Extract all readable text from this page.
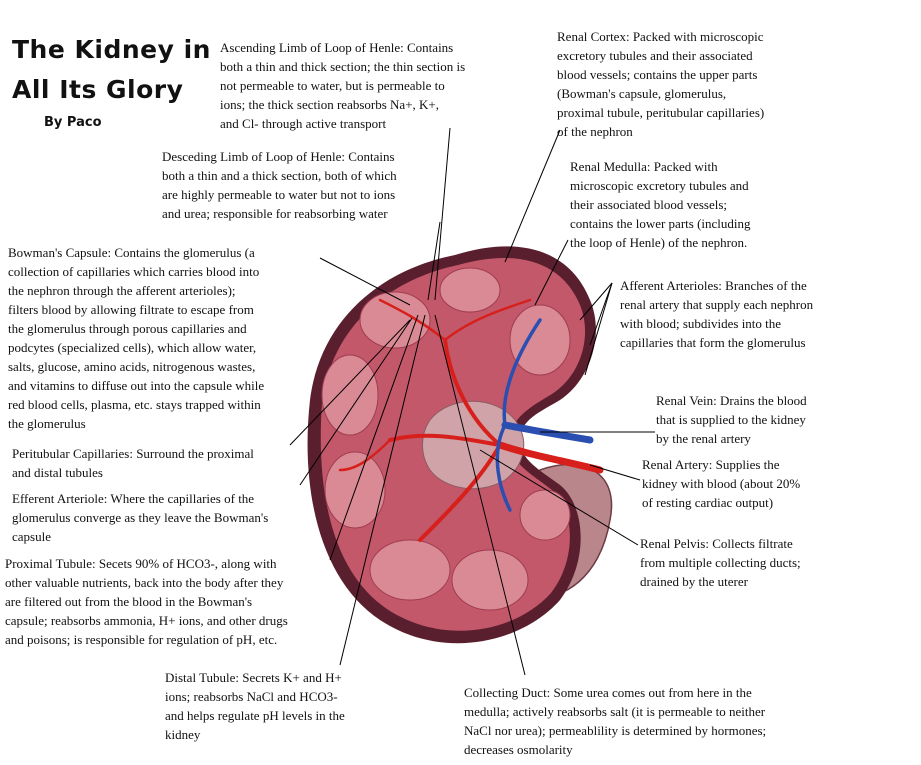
The Kidney in
All Its Glory
By Paco
Ascending Limb of Loop of Henle: Contains
both a thin and thick section; the thin section is
not permeable to water, but is permeable to
ions; the thick section reabsorbs Na+, K+,
and Cl- through active transport
Desceding Limb of Loop of Henle: Contains
both a thin and a thick section, both of which
are highly permeable to water but not to ions
and urea; responsible for reabsorbing water
Bowman's Capsule: Contains the glomerulus (a
collection of capillaries which carries blood into
the nephron through the afferent arterioles);
filters blood by allowing filtrate to escape from
the glomerulus through porous capillaries and
podcytes (specialized cells), which allow water,
salts, glucose, amino acids, nitrogenous wastes,
and vitamins to diffuse out into the capsule while
red blood cells, plasma, etc. stays trapped within
the glomerulus
Peritubular Capillaries: Surround the proximal
and distal tubules
Efferent Arteriole: Where the capillaries of the
glomerulus converge as they leave the Bowman's
capsule
Proximal Tubule: Secets 90% of HCO3-, along with
other valuable nutrients, back into the body after they
are filtered out from the blood in the Bowman's
capsule; reabsorbs ammonia, H+ ions, and other drugs
and poisons; is responsible for regulation of pH, etc.
Distal Tubule: Secrets K+ and H+
ions; reabsorbs NaCl and HCO3-
and helps regulate pH levels in the
kidney
Collecting Duct: Some urea comes out from here in the
medulla; actively reabsorbs salt (it is permeable to neither
NaCl nor urea); permeablility is determined by hormones;
decreases osmolarity
Renal Cortex: Packed with microscopic
excretory tubules and their associated
blood vessels; contains the upper parts
(Bowman's capsule, glomerulus,
proximal tubule, peritubular capillaries)
of the nephron
Renal Medulla: Packed with
microscopic excretory tubules and
their associated blood vessels;
contains the lower parts (including
the loop of Henle) of the nephron.
Afferent Arterioles: Branches of the
renal artery that supply each nephron
with blood; subdivides into the
capillaries that form the glomerulus
Renal Vein: Drains the blood
that is supplied to the kidney
by the renal artery
Renal Artery: Supplies the
kidney with blood (about 20%
of resting cardiac output)
Renal Pelvis: Collects filtrate
from multiple collecting ducts;
drained by the uterer
